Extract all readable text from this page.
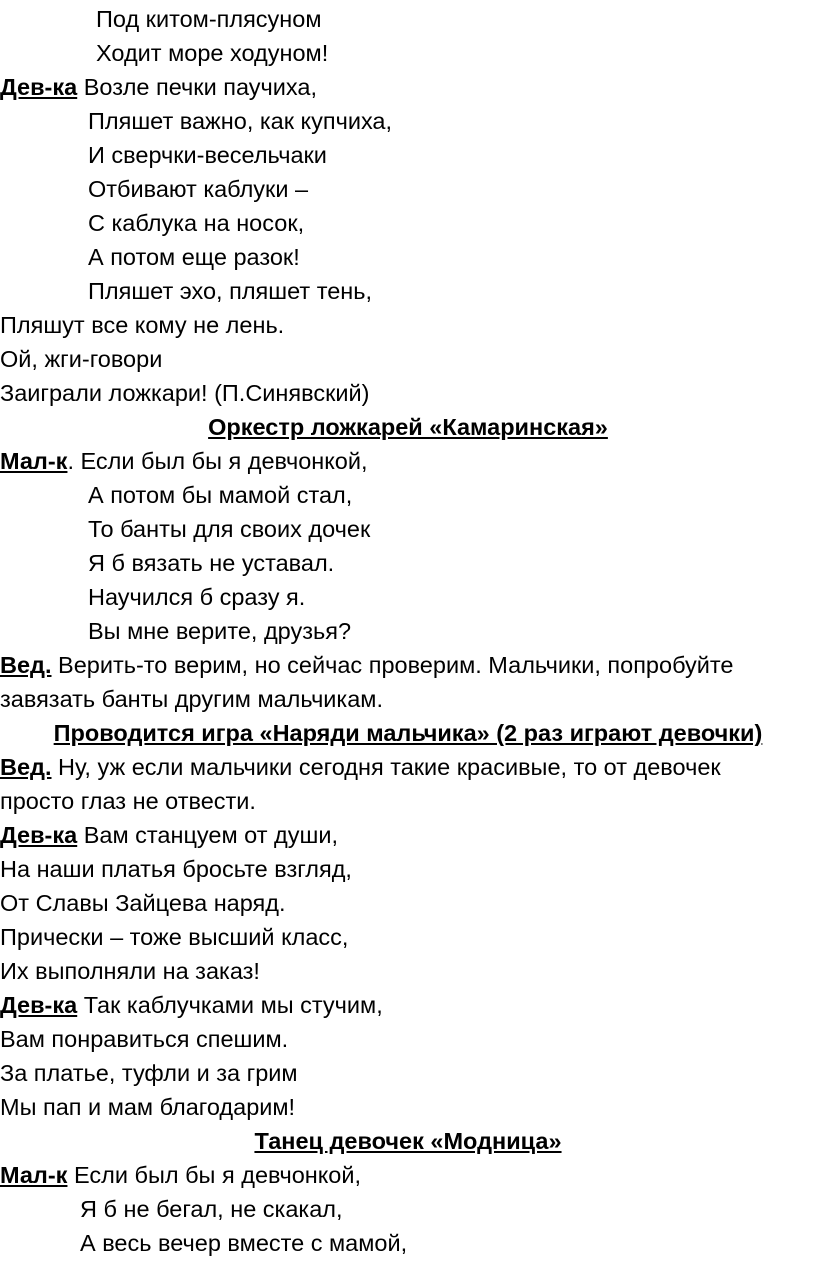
Под китом-плясуном
Ходит море ходуном!
Дев-ка Возле печки паучиха,
Пляшет важно, как купчиха,
И сверчки-весельчаки
Отбивают каблуки –
С каблука на носок,
А потом еще разок!
Пляшет эхо, пляшет тень,
Пляшут все кому не лень.
Ой, жги-говори
Заиграли ложкари! (П.Синявский)
Оркестр ложкарей «Камаринская»
Мал-к. Если был бы я девчонкой,
А потом бы мамой стал,
То банты для своих дочек
Я б вязать не уставал.
Научился б сразу я.
Вы мне верите, друзья?
Вед. Верить-то верим, но сейчас проверим. Мальчики, попробуйте
завязать банты другим мальчикам.
Проводится игра «Наряди мальчика» (2 раз играют девочки)
Вед. Ну, уж если мальчики сегодня такие красивые, то от девочек
просто глаз не отвести.
Дев-ка Вам станцуем от души,
На наши платья бросьте взгляд,
От Славы Зайцева наряд.
Прически – тоже высший класс,
Их выполняли на заказ!
Дев-ка Так каблучками мы стучим,
Вам понравиться спешим.
За платье, туфли и за грим
Мы пап и мам благодарим!
Танец девочек «Модница»
Мал-к Если был бы я девчонкой,
Я б не бегал, не скакал,
А весь вечер вместе с мамой,
